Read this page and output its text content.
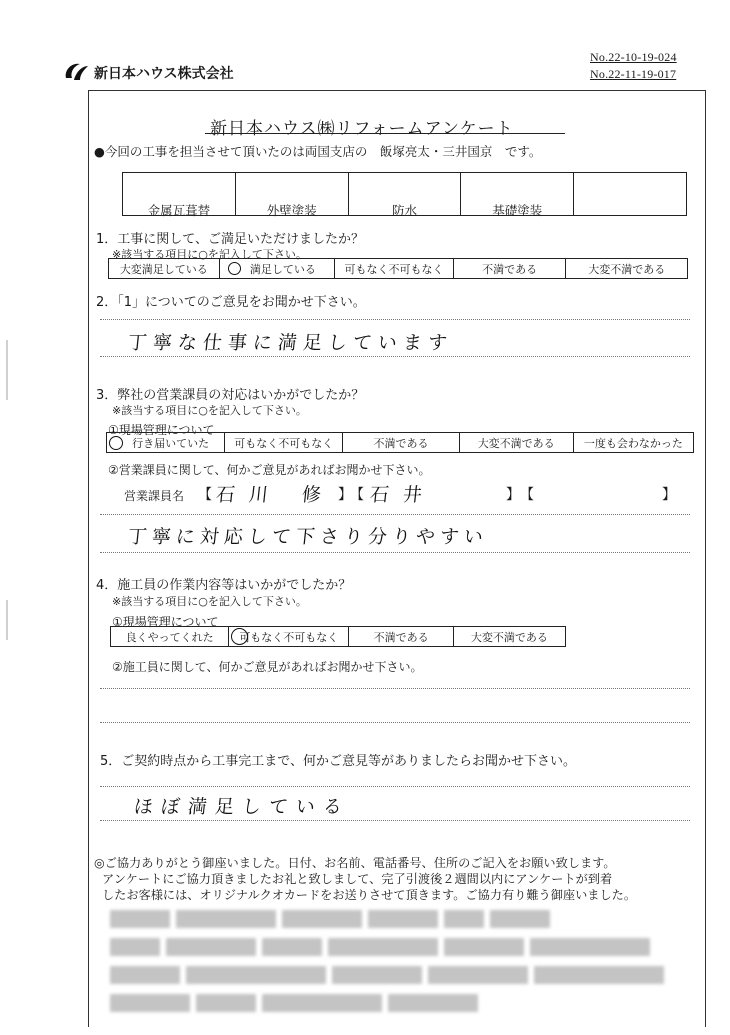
No.22-10-19-024
No.22-11-19-017
新日本ハウス株式会社
新日本ハウス㈱リフォームアンケート
●今回の工事を担当させて頂いたのは両国支店の　飯塚亮太・三井国京　です。
金属瓦葺替	外壁塗装	防水	基礎塗装
1．工事に関して、ご満足いただけましたか？
※該当する項目に○を記入して下さい。
大変満足している	満足している	可もなく不可もなく	不満である	大変不満である
2．「1」についてのご意見をお聞かせ下さい。
丁寧な仕事に満足しています
3．弊社の営業課員の対応はいかがでしたか？
※該当する項目に○を記入して下さい。
①現場管理について
行き届いていた	可もなく不可もなく	不満である	大変不満である	一度も会わなかった
②営業課員に関して、何かご意見があればお聞かせ下さい。
営業課員名 【 石川 修 】
【 石井	】 【	】
丁寧に対応して下さり分りやすい
4．施工員の作業内容等はいかがでしたか？
※該当する項目に○を記入して下さい。
①現場管理について
良くやってくれた	可もなく不可もなく	不満である	大変不満である
②施工員に関して、何かご意見があればお聞かせ下さい。
5．ご契約時点から工事完工まで、何かご意見等がありましたらお聞かせ下さい。
ほぼ満足している
◎ご協力ありがとう御座いました。日付、お名前、電話番号、住所のご記入をお願い致します。
アンケートにご協力頂きましたお礼と致しまして、完了引渡後２週間以内にアンケートが到着
したお客様には、オリジナルクオカードをお送りさせて頂きます。ご協力有り難う御座いました。
